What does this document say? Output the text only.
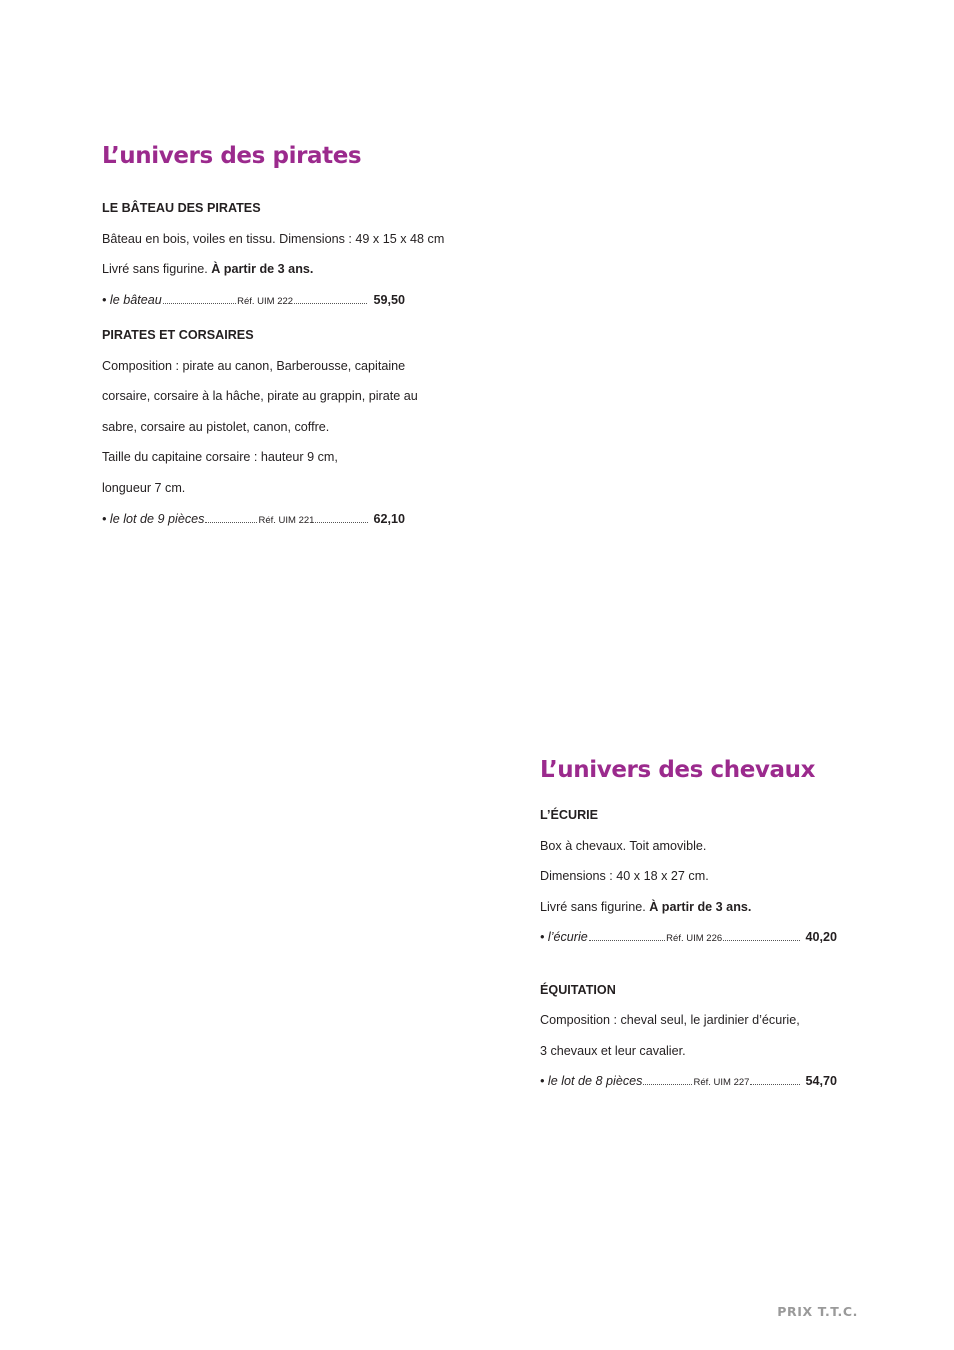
L’univers des pirates
LE BÂTEAU DES PIRATES

Bâteau en bois, voiles en tissu. Dimensions : 49 x 15 x 48 cm

Livré sans figurine. À partir de 3 ans.

• le bâteau	Réf. UIM 222	59,50
PIRATES ET CORSAIRES

Composition : pirate au canon, Barberousse, capitaine

corsaire, corsaire à la hâche, pirate au grappin, pirate au

sabre, corsaire au pistolet, canon, coffre.

Taille du capitaine corsaire : hauteur 9 cm,

longueur 7 cm.

• le lot de 9 pièces	Réf. UIM 221	62,10
L’univers des chevaux
L’ÉCURIE

Box à chevaux. Toit amovible.

Dimensions : 40 x 18 x 27 cm.

Livré sans figurine. À partir de 3 ans.

• l’écurie	Réf. UIM 226	40,20
ÉQUITATION

Composition : cheval seul, le jardinier d’écurie,

3 chevaux et leur cavalier.

• le lot de 8 pièces	Réf. UIM 227	54,70
PRIX T.T.C.
